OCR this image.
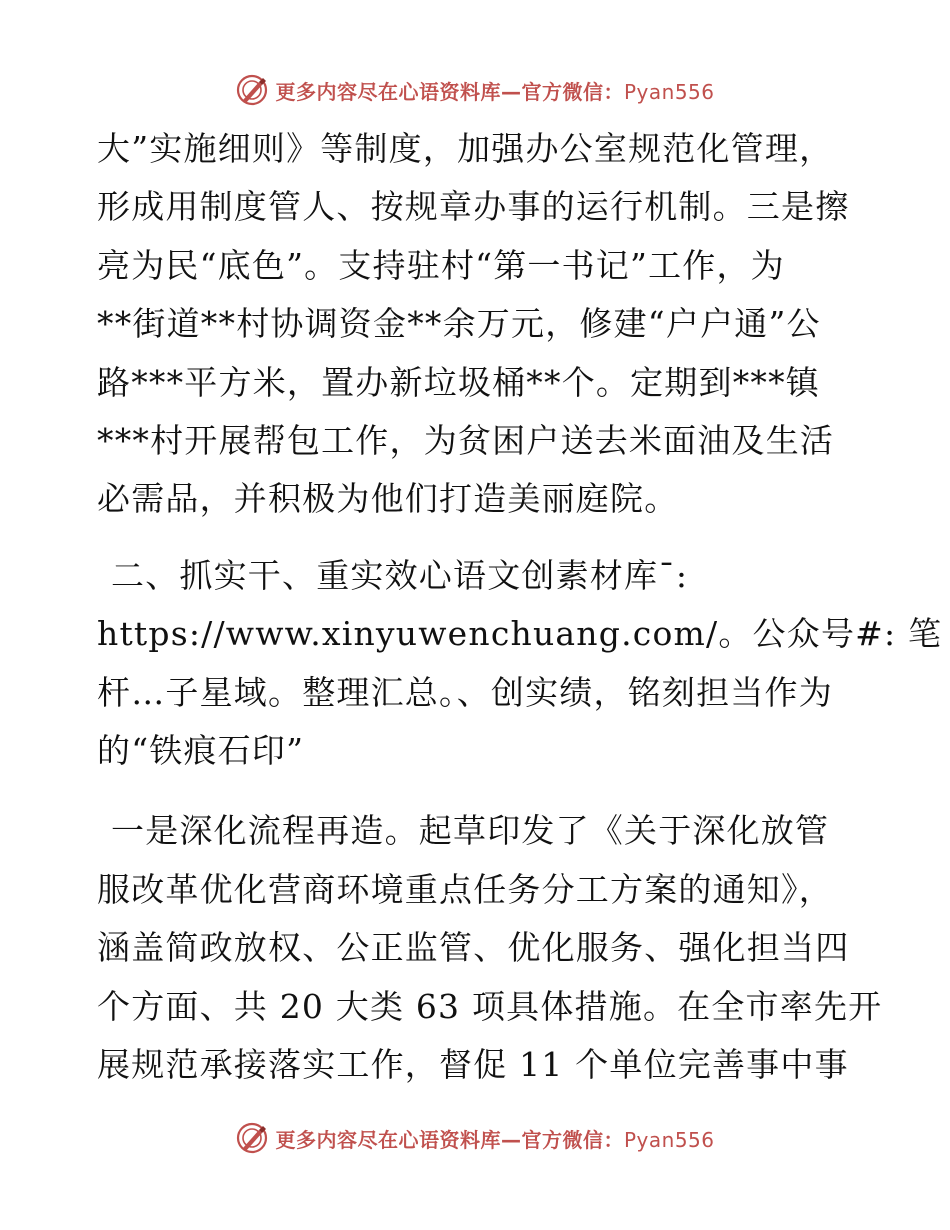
更多内容尽在心语资料库—官方微信：Pyan556

大”实施细则》等制度，加强办公室规范化管理，
形成用制度管人、按规章办事的运行机制。三是擦
亮为民“底色”。支持驻村“第一书记”工作，为
**街道**村协调资金**余万元，修建“户户通”公
路***平方米，置办新垃圾桶**个。定期到***镇
***村开展帮包工作，为贫困户送去米面油及生活
必需品，并积极为他们打造美丽庭院。

二、抓实干、重实效心语文创素材库¯:
https://www.xinyuwenchuang.com/。公众号#: 笔
杆…子星域。整理汇总。、创实绩，铭刻担当作为
的“铁痕石印”

一是深化流程再造。起草印发了《关于深化放管
服改革优化营商环境重点任务分工方案的通知》，
涵盖简政放权、公正监管、优化服务、强化担当四
个方面、共 20 大类 63 项具体措施。在全市率先开
展规范承接落实工作，督促 11 个单位完善事中事

更多内容尽在心语资料库—官方微信：Pyan556
